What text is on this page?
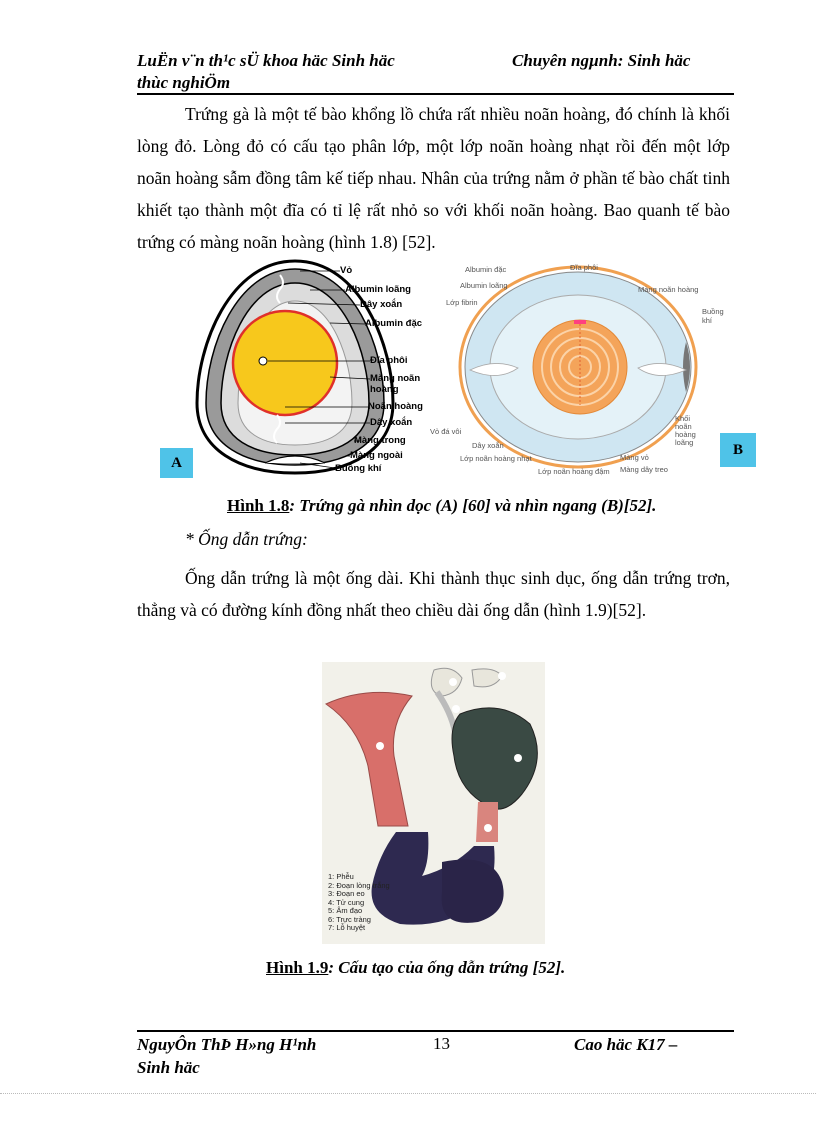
LuËn v¨n th¹c sÜ khoa häc Sinh häc
thùc nghiÖm
Chuyên ngµnh: Sinh häc
Trứng gà là một tế bào khổng lồ chứa rất nhiều noãn hoàng, đó chính là khối lòng đỏ. Lòng đỏ có cấu tạo phân lớp, một lớp noãn hoàng nhạt rồi đến một lớp noãn hoàng sẫm đồng tâm kế tiếp nhau. Nhân của trứng nằm ở phần tế bào chất tinh khiết tạo thành một đĩa có tỉ lệ rất nhỏ so với khối noãn hoàng. Bao quanh tế bào trứng có màng noãn hoàng (hình 1.8) [52].
Vỏ
Albumin loãng
Dây xoắn
Albumin đặc
Đĩa phôi
Màng noãn hoàng
Noãn hoàng
Dây xoắn
Màng trong
Màng ngoài
Buồng khí
A
Albumin đặc
Albumin loãng
Lớp fibrin
Đĩa phôi
Màng noãn hoàng
Buồng khí
Vỏ đá vôi
Dây xoắn
Lớp noãn hoàng nhạt
Lớp noãn hoàng đậm
Màng vỏ
Màng dây treo
Khối noãn hoàng loãng	B
Hình 1.8: Trứng gà nhìn dọc (A) [60] và nhìn ngang (B)[52].
* Ống dẫn trứng:
Ống dẫn trứng là một ống dài. Khi thành thục sinh dục, ống dẫn trứng trơn, thẳng và có đường kính đồng nhất theo chiều dài ống dẫn (hình 1.9)[52].
1: Phễu
2: Đoạn lòng trắng
3: Đoạn eo
4: Tử cung
5: Âm đạo
6: Trực tràng
7: Lỗ huyệt
Hình 1.9: Cấu tạo của ống dẫn trứng [52].
NguyÔn ThÞ H»ng H¹nh
Sinh häc
13	Cao häc K17 –
